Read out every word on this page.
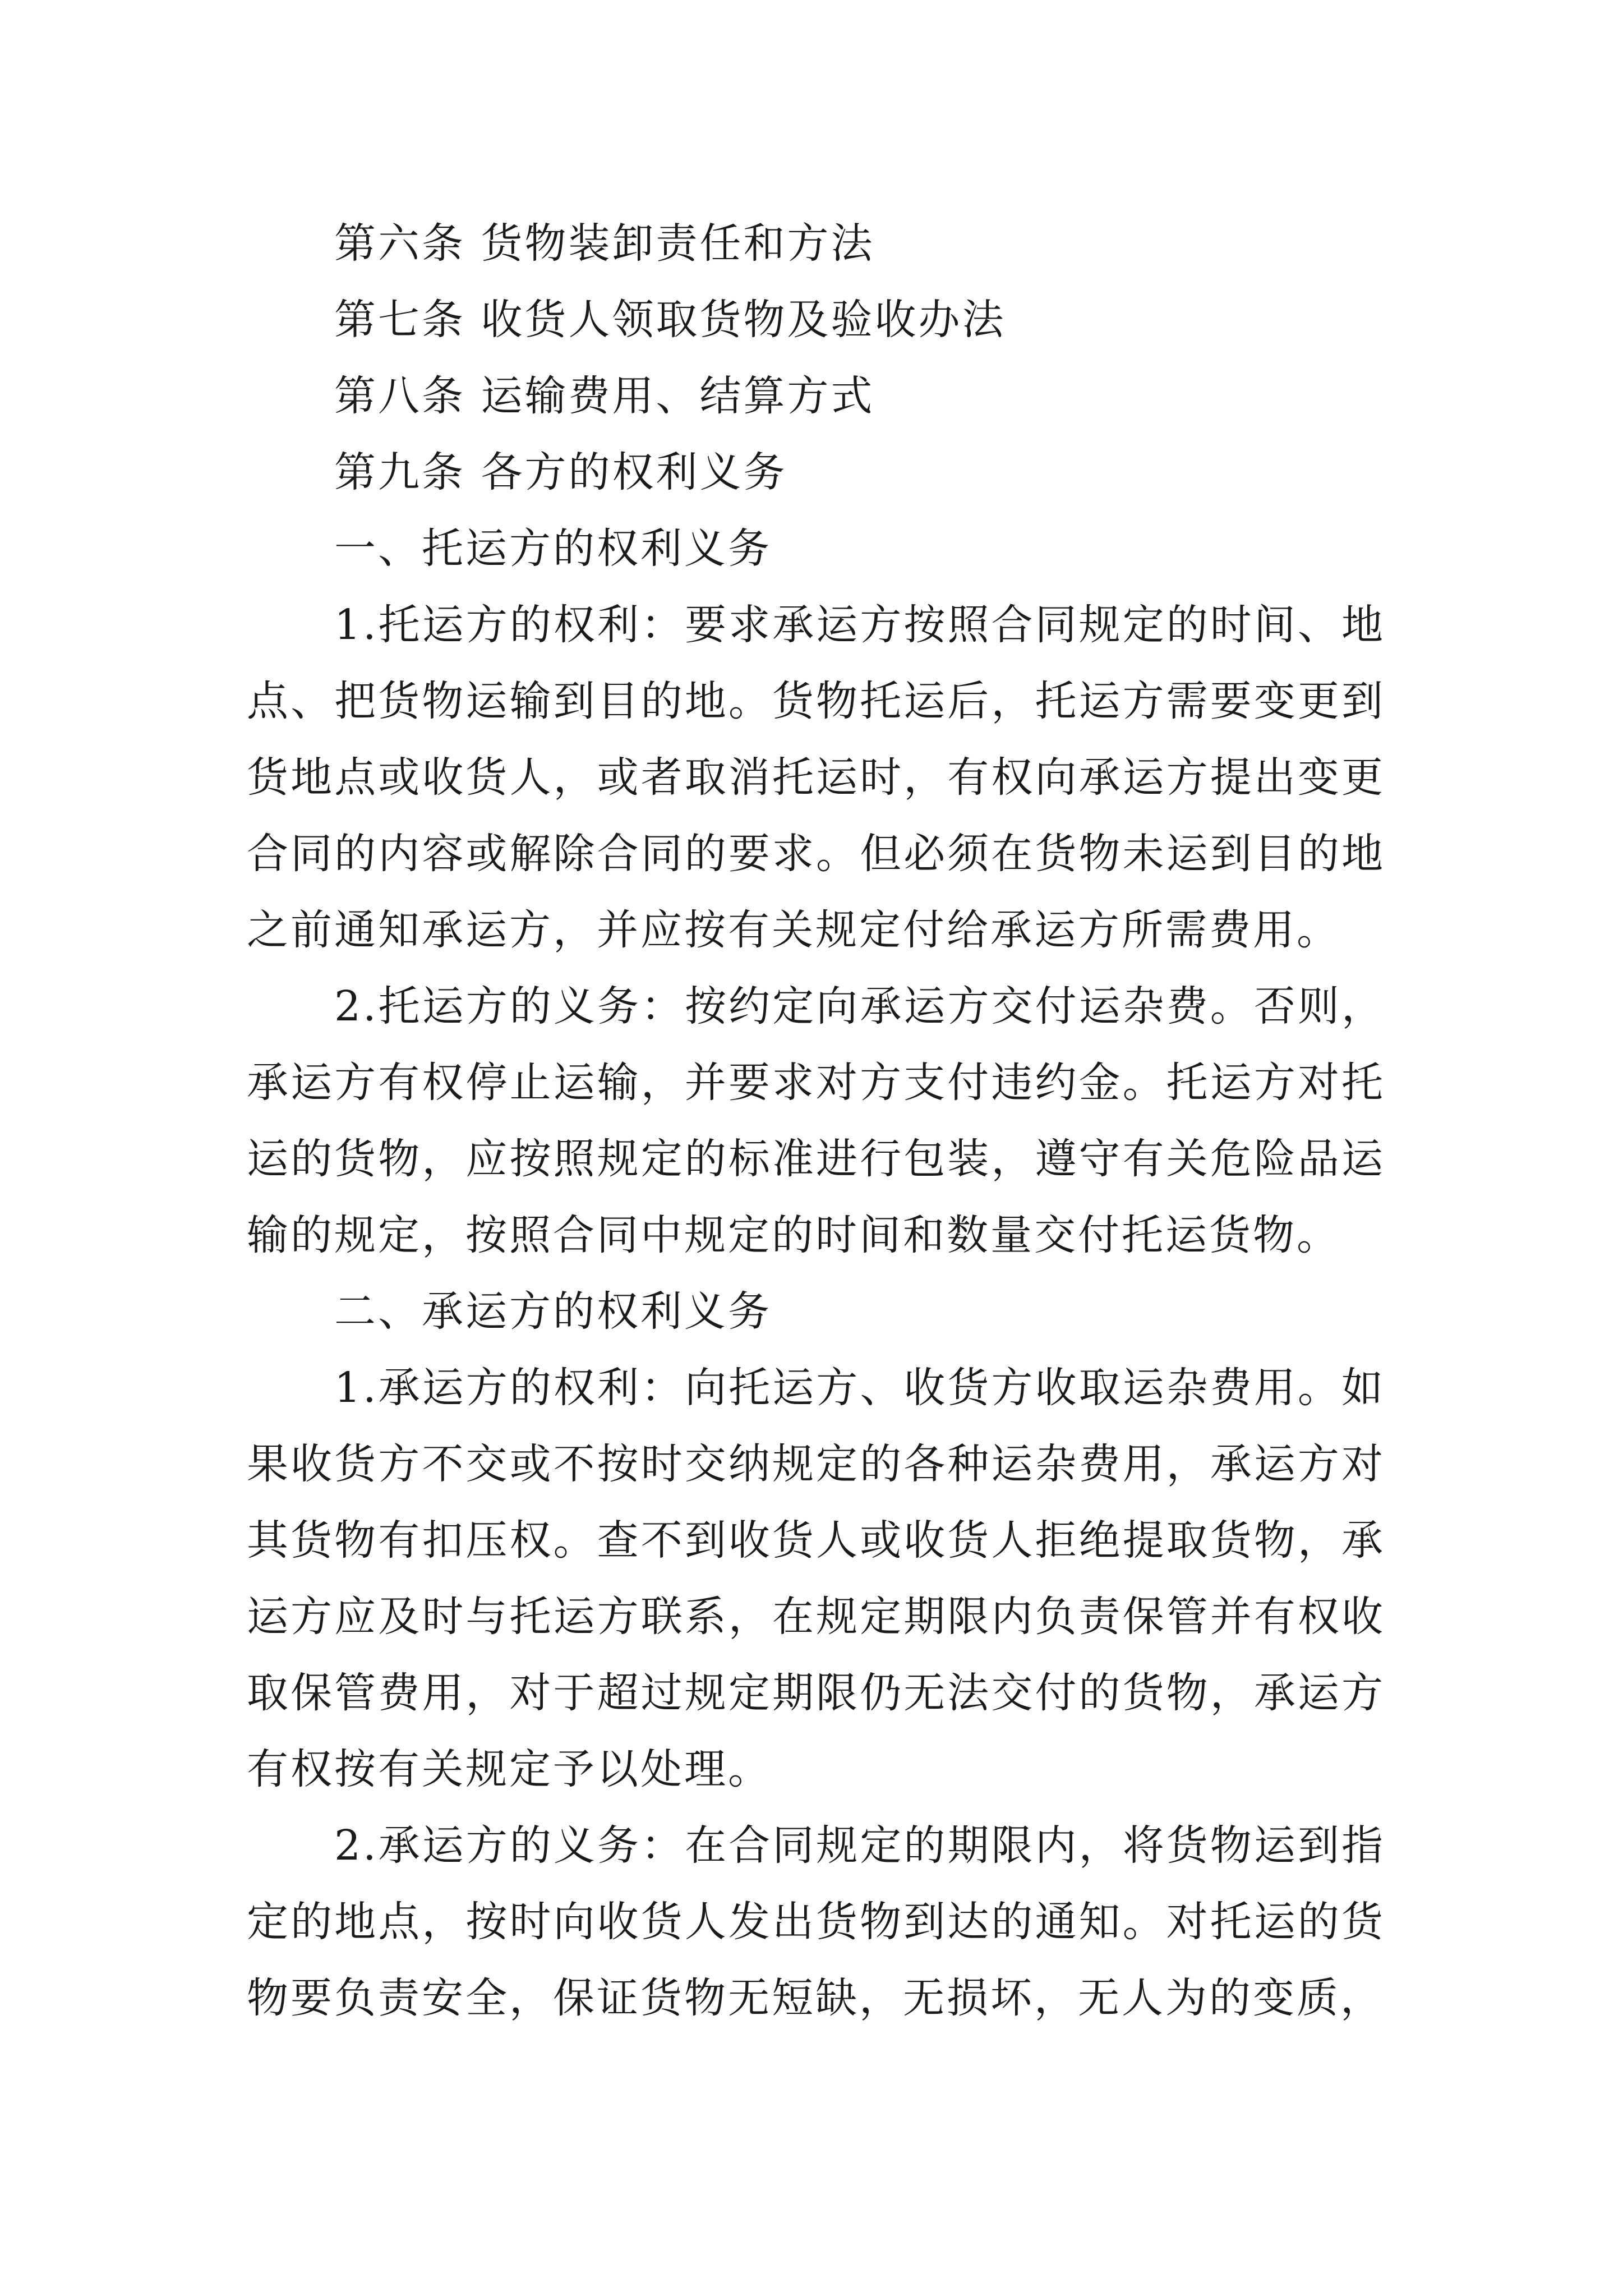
第六条 货物装卸责任和方法

第七条 收货人领取货物及验收办法

第八条 运输费用、结算方式

第九条 各方的权利义务

一、托运方的权利义务

1.托运方的权利：要求承运方按照合同规定的时间、地点、把货物运输到目的地。货物托运后，托运方需要变更到货地点或收货人，或者取消托运时，有权向承运方提出变更合同的内容或解除合同的要求。但必须在货物未运到目的地之前通知承运方，并应按有关规定付给承运方所需费用。

2.托运方的义务：按约定向承运方交付运杂费。否则，承运方有权停止运输，并要求对方支付违约金。托运方对托运的货物，应按照规定的标准进行包装，遵守有关危险品运输的规定，按照合同中规定的时间和数量交付托运货物。

二、承运方的权利义务

1.承运方的权利：向托运方、收货方收取运杂费用。如果收货方不交或不按时交纳规定的各种运杂费用，承运方对其货物有扣压权。查不到收货人或收货人拒绝提取货物，承运方应及时与托运方联系，在规定期限内负责保管并有权收取保管费用，对于超过规定期限仍无法交付的货物，承运方有权按有关规定予以处理。

2.承运方的义务：在合同规定的期限内，将货物运到指定的地点，按时向收货人发出货物到达的通知。对托运的货物要负责安全，保证货物无短缺，无损坏，无人为的变质，
